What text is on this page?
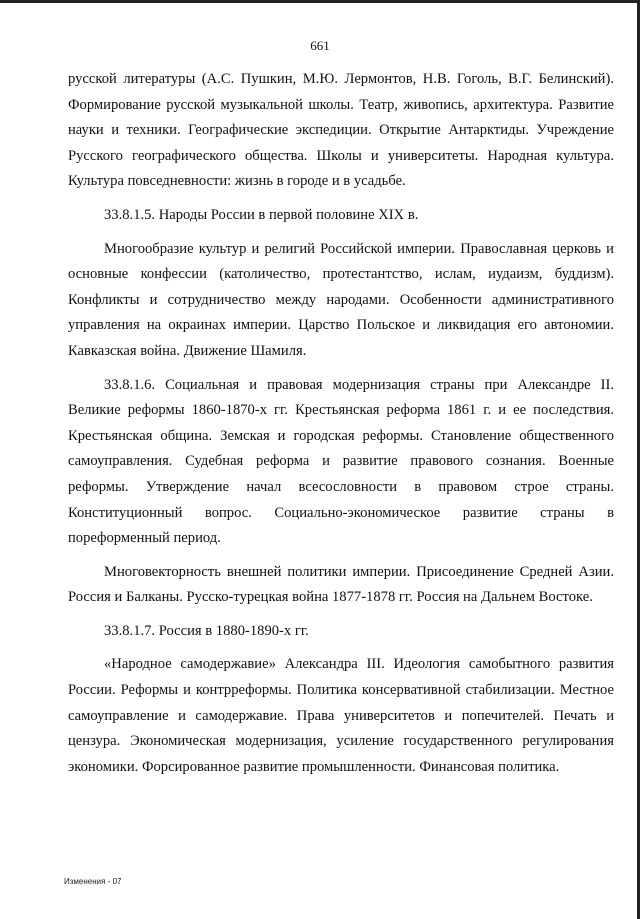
661

русской литературы (А.С. Пушкин, М.Ю. Лермонтов, Н.В. Гоголь, В.Г. Белинский). Формирование русской музыкальной школы. Театр, живопись, архитектура. Развитие науки и техники. Географические экспедиции. Открытие Антарктиды. Учреждение Русского географического общества. Школы и университеты. Народная культура. Культура повседневности: жизнь в городе и в усадьбе.

33.8.1.5. Народы России в первой половине XIX в.

Многообразие культур и религий Российской империи. Православная церковь и основные конфессии (католичество, протестантство, ислам, иудаизм, буддизм). Конфликты и сотрудничество между народами. Особенности административного управления на окраинах империи. Царство Польское и ликвидация его автономии. Кавказская война. Движение Шамиля.

33.8.1.6. Социальная и правовая модернизация страны при Александре II. Великие реформы 1860-1870-х гг. Крестьянская реформа 1861 г. и ее последствия. Крестьянская община. Земская и городская реформы. Становление общественного самоуправления. Судебная реформа и развитие правового сознания. Военные реформы. Утверждение начал всесословности в правовом строе страны. Конституционный вопрос. Социально-экономическое развитие страны в пореформенный период.

Многовекторность внешней политики империи. Присоединение Средней Азии. Россия и Балканы. Русско-турецкая война 1877-1878 гг. Россия на Дальнем Востоке.

33.8.1.7. Россия в 1880-1890-х гг.

«Народное самодержавие» Александра III. Идеология самобытного развития России. Реформы и контрреформы. Политика консервативной стабилизации. Местное самоуправление и самодержавие. Права университетов и попечителей. Печать и цензура. Экономическая модернизация, усиление государственного регулирования экономики. Форсированное развитие промышленности. Финансовая политика.

Изменения - 07
